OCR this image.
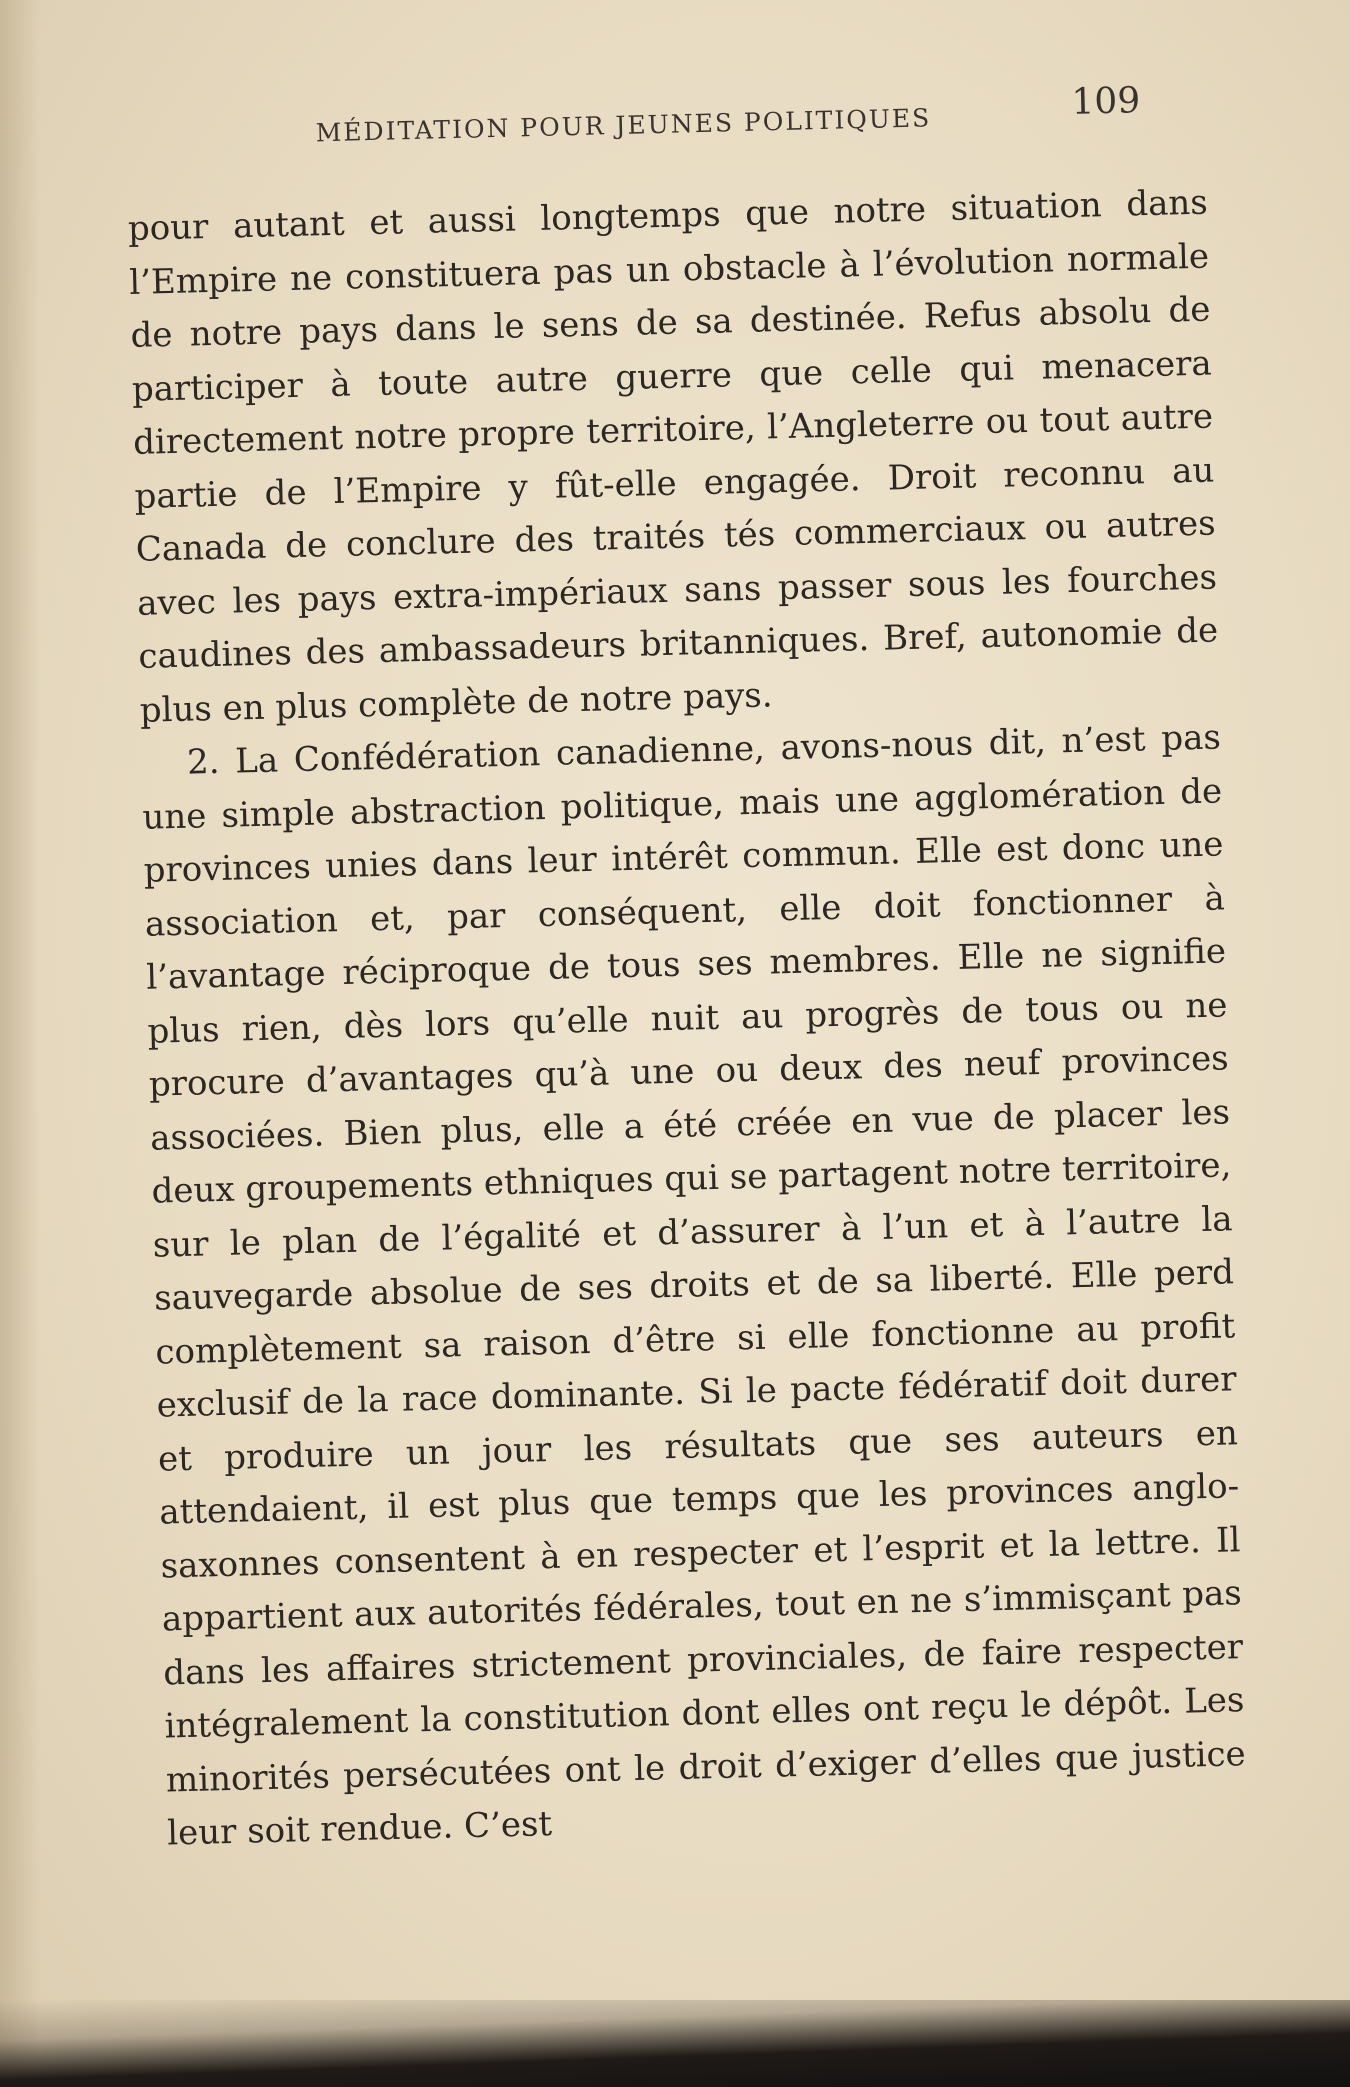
MÉDITATION POUR JEUNES POLITIQUES
109

pour autant et aussi longtemps que notre situation dans l’Empire ne constituera pas un obstacle à l’évolution normale de notre pays dans le sens de sa destinée. Refus absolu de participer à toute autre guerre que celle qui menacera directement notre propre territoire, l’Angleterre ou tout autre partie de l’Empire y fût-elle engagée. Droit reconnu au Canada de conclure des traités tés commerciaux ou autres avec les pays extra-impériaux sans passer sous les fourches caudines des ambassadeurs britanniques. Bref, autonomie de plus en plus complète de notre pays.

2. La Confédération canadienne, avons-nous dit, n’est pas une simple abstraction politique, mais une agglomération de provinces unies dans leur intérêt commun. Elle est donc une association et, par conséquent, elle doit fonctionner à l’avantage réciproque de tous ses membres. Elle ne signifie plus rien, dès lors qu’elle nuit au progrès de tous ou ne procure d’avantages qu’à une ou deux des neuf provinces associées. Bien plus, elle a été créée en vue de placer les deux groupements ethniques qui se partagent notre territoire, sur le plan de l’égalité et d’assurer à l’un et à l’autre la sauvegarde absolue de ses droits et de sa liberté. Elle perd complètement sa raison d’être si elle fonctionne au profit exclusif de la race dominante. Si le pacte fédératif doit durer et produire un jour les résultats que ses auteurs en attendaient, il est plus que temps que les provinces anglo-saxonnes consentent à en respecter et l’esprit et la lettre. Il appartient aux autorités fédérales, tout en ne s’immisçant pas dans les affaires strictement provinciales, de faire respecter intégralement la constitution dont elles ont reçu le dépôt. Les minorités persécutées ont le droit d’exiger d’elles que justice leur soit rendue. C’est
